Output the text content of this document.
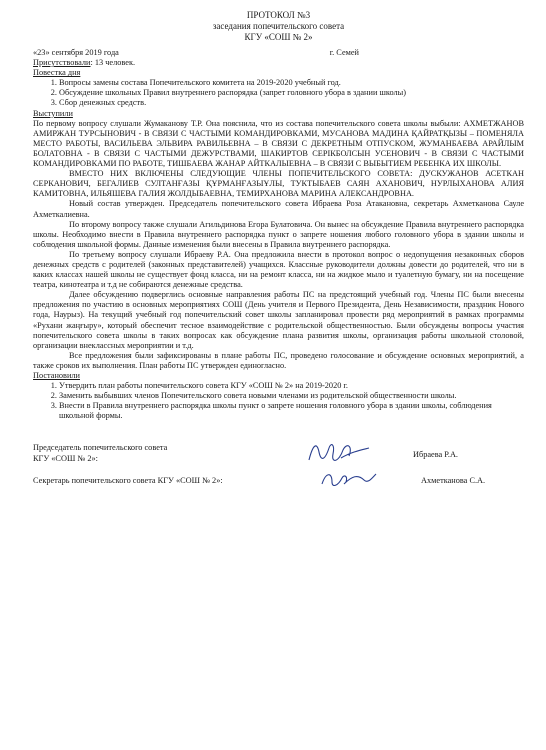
ПРОТОКОЛ №3
заседания попечительского совета
КГУ «СОШ № 2»
«23» сентября 2019 года	г. Семей
Присутствовали: 13 человек.
Повестка дня
1. Вопросы замены состава Попечительского комитета на 2019-2020 учебный год.
2. Обсуждение школьных Правил внутреннего распорядка (запрет головного убора в здании школы)
3. Сбор денежных средств.
Выступили
По первому вопросу слушали Жумаканову Т.Р. Она пояснила, что из состава попечительского совета школы выбыли: АХМЕТЖАНОВ АМИРЖАН ТУРСЫНОВИЧ - В СВЯЗИ С ЧАСТЫМИ КОМАНДИРОВКАМИ, МУСАНОВА МАДИНА ҚАЙРАТҚЫЗЫ – ПОМЕНЯЛА МЕСТО РАБОТЫ, ВАСИЛЬЕВА ЭЛЬВИРА РАВИЛЬЕВНА – В СВЯЗИ С ДЕКРЕТНЫМ ОТПУСКОМ, ЖУМАНБАЕВА АРАЙЛЫМ БОЛАТОВНА - В СВЯЗИ С ЧАСТЫМИ ДЕЖУРСТВАМИ, ШАКИРТОВ СЕРІКБОЛСЫН УСЕНОВИЧ - В СВЯЗИ С ЧАСТЫМИ КОМАНДИРОВКАМИ ПО РАБОТЕ, ТИШБАЕВА ЖАНАР АЙТКАЛЫЕВНА – В СВЯЗИ С ВЫБЫТИЕМ РЕБЕНКА ИХ ШКОЛЫ.
ВМЕСТО НИХ ВКЛЮЧЕНЫ СЛЕДУЮЩИЕ ЧЛЕНЫ ПОПЕЧИТЕЛЬСКОГО СОВЕТА: ДУСКУЖАНОВ АСЕТКАН СЕРКАНОВИЧ, БЕГАЛИЕВ СУЛТАНҒАЗЫ ҚҰРМАНҒАЗЫҰЛЫ, ТУКТЫБАЕВ САЯН АХАНОВИЧ, НУРЛЫХАНОВА АЛИЯ КАМИТОВНА, ИЛЬЯШЕВА ГАЛИЯ ЖОЛДЫБАЕВНА, ТЕМИРХАНОВА МАРИНА АЛЕКСАНДРОВНА.
Новый состав утвержден. Председатель попечительского совета Ибраева Роза Атакановна, секретарь Ахметканова Сауле Ахметкалиевна.
По второму вопросу также слушали Агильдинова Егора Булатовича. Он вынес на обсуждение Правила внутреннего распорядка школы. Необходимо внести в Правила внутреннего распорядка пункт о запрете ношения любого головного убора в здании школы и соблюдения школьной формы. Данные изменения были внесены в Правила внутреннего распорядка.
По третьему вопросу слушали Ибраеву Р.А. Она предложила внести в протокол вопрос о недопущения незаконных сборов денежных средств с родителей (законных представителей) учащихся. Классные руководители должны довести до родителей, что ни в каких классах нашей школы не существует фонд класса, ни на ремонт класса, ни на жидкое мыло и туалетную бумагу, ни на посещение театра, кинотеатра и т.д не собираются денежные средства.
Далее обсуждению подверглись основные направления работы ПС на предстоящий учебный год. Члены ПС были внесены предложения по участию в основных мероприятиях СОШ (День учителя и Первого Президента, День Независимости, праздник Нового года, Наурыз). На текущий учебный год попечительский совет школы запланировал провести ряд мероприятий в рамках программы «Рухани жаңғыру», который обеспечит тесное взаимодействие с родительской общественностью. Были обсуждены вопросы участия попечительского совета школы в таких вопросах как обсуждение плана развития школы, организация работы школьной столовой, организации внеклассных мероприятии и т.д.
Все предложения были зафиксированы в плане работы ПС, проведено голосование и обсуждение основных мероприятий, а также сроков их выполнения. План работы ПС утвержден единогласно.
Постановили
1. Утвердить план работы попечительского совета КГУ «СОШ № 2» на 2019-2020 г.
2. Заменить выбывших членов Попечительского совета новыми членами из родительской общественности школы.
3. Внести в Правила внутреннего распорядка школы пункт о запрете ношения головного убора в здании школы, соблюдения школьной формы.
Председатель попечительского совета
КГУ «СОШ № 2»:	Ибраева Р.А.
Секретарь попечительского совета КГУ «СОШ № 2»:	Ахметканова С.А.
